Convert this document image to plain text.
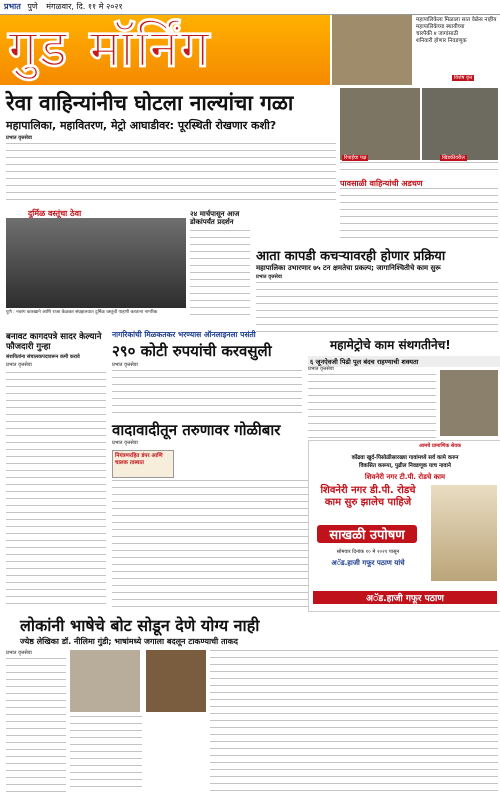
प्रभात पुणे मंगळवार, दि. ११ मे २०२१
गुड मॉर्निंग	महापालिकेला मिळाला सात वेळेस नाहीय
महापालिकेच्या स्थायीच्या
चारपैकी ४ जागांसाठी
शनिवारी होणार निवडणूक
विशेष वृत्त
रेवा वाहिन्यांनीच घोटला नाल्यांचा गळा
महापालिका, महावितरण, मेट्रो आघाडीवर: पूरस्थिती रोखणार कशी?
प्रभात वृत्तसेवा
रिपाईचा पक्ष	खिडकीवरील
पावसाळी वाहिन्यांची अडचण
दुर्मिळ वस्तूंचा ठेवा
पुणे : नवरंग कारखाने आणि राजा केळकर संग्रहालयात दुर्मिळ वस्तूंची पाहणी करताना नागरिक
२४ मार्चपासून आज डोकांपर्यंत प्रदर्शन
आता कापडी कचऱ्यावरही होणार प्रक्रिया
महापालिका उभारणार ७५ टन क्षमतेचा प्रकल्प; जागानिश्चितीचे काम सुरू
प्रभात वृत्तसेवा
बनावट कागदपत्रे सादर केल्याने फौजदारी गुन्हा
संशयितांना संचालकपदावरून कमी करावे
प्रभात वृत्तसेवा
नागरिकांची मिळकतकर भरण्यास ऑनलाइनला पसंती
२९० कोटी रुपयांची करवसुली
प्रभात वृत्तसेवा
महामेट्रोचे काम संथगतीनेच!
६ जूनऐवजी पिढी पूल बंदच राहण्याची शक्यता
प्रभात वृत्तसेवा
वादावादीतून तरुणावर गोळीबार
प्रभात वृत्तसेवा
नियंत्रणरहित डंपर आणि चालक ताब्यात
आमचे प्रामाणिक सेवक
कोंढवा खुर्द-पिसोळीसारख्या गावांमध्ये सर्व कामे करुन
विकसित करूया, पुढील निवडणूक याच नावाने
शिवनेरी नगर टी.पी. रोडचे काम
शिवनेरी नगर डी.पी. रोडचे काम सुरु झालेच पाहिजे
साखळी उपोषण
सोमवार दिनांक १० मे २०२१ पासून
अॅड.हाजी गफूर पठाण यांचे
अॅड.हाजी गफूर पठाण
लोकांनी भाषेचे बोट सोडून देणे योग्य नाही
ज्येष्ठ लेखिका डॉ. नीलिमा गुंडी; भाषांमध्ये जगाला बदलून टाकण्याची ताकद
प्रभात वृत्तसेवा
